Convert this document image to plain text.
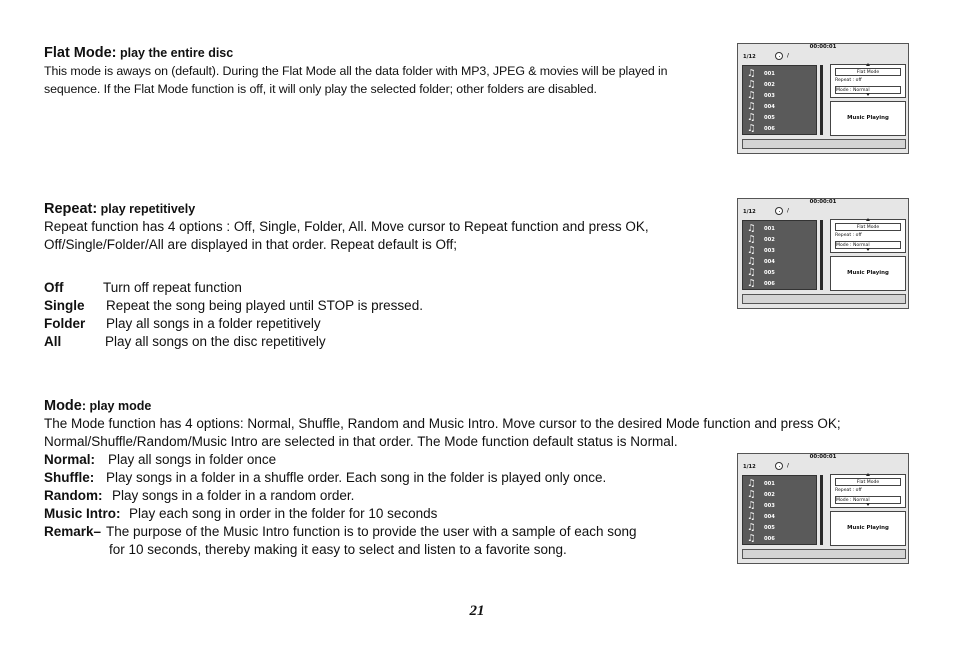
Flat Mode: play the entire disc
This mode is aways on (default). During the Flat Mode all the data folder with MP3, JPEG & movies will be played in
sequence. If the Flat Mode function is off, it will only play the selected folder; other folders are disabled.
Repeat: play repetitively
Repeat function has 4 options : Off, Single, Folder, All. Move cursor to Repeat function and press OK,
Off/Single/Folder/All are displayed in that order. Repeat default is Off;
Off	Turn off repeat function
Single Repeat the song being played until STOP is pressed.
Folder Play all songs in a folder repetitively
All	Play all songs on the disc repetitively
Mode: play mode
The Mode function has 4 options: Normal, Shuffle, Random and Music Intro. Move cursor to the desired Mode function and press OK;
Normal/Shuffle/Random/Music Intro are selected in that order. The Mode function default status is Normal.
Normal: Play all songs in folder once
Shuffle: Play songs in a folder in a shuffle order. Each song in the folder is played only once.
Random: Play songs in a folder in a random order.
Music Intro: Play each song in order in the folder for 10 seconds
Remark– The purpose of the Music Intro function is to provide the user with a sample of each song
for 10 seconds, thereby making it easy to select and listen to a favorite song.
00:00:01
1/12	/
♫ 001
♫ 002
♫ 003
♫ 004
♫ 005
♫ 006
Flat Mode
Repeat : off
Mode : Normal
Music Playing
00:00:01
1/12	/
♫ 001
♫ 002
♫ 003
♫ 004
♫ 005
♫ 006
Flat Mode
Repeat : off
Mode : Normal
Music Playing
00:00:01
1/12	/
♫ 001
♫ 002
♫ 003
♫ 004
♫ 005
♫ 006
Flat Mode
Repeat : off
Mode : Normal
Music Playing
21
